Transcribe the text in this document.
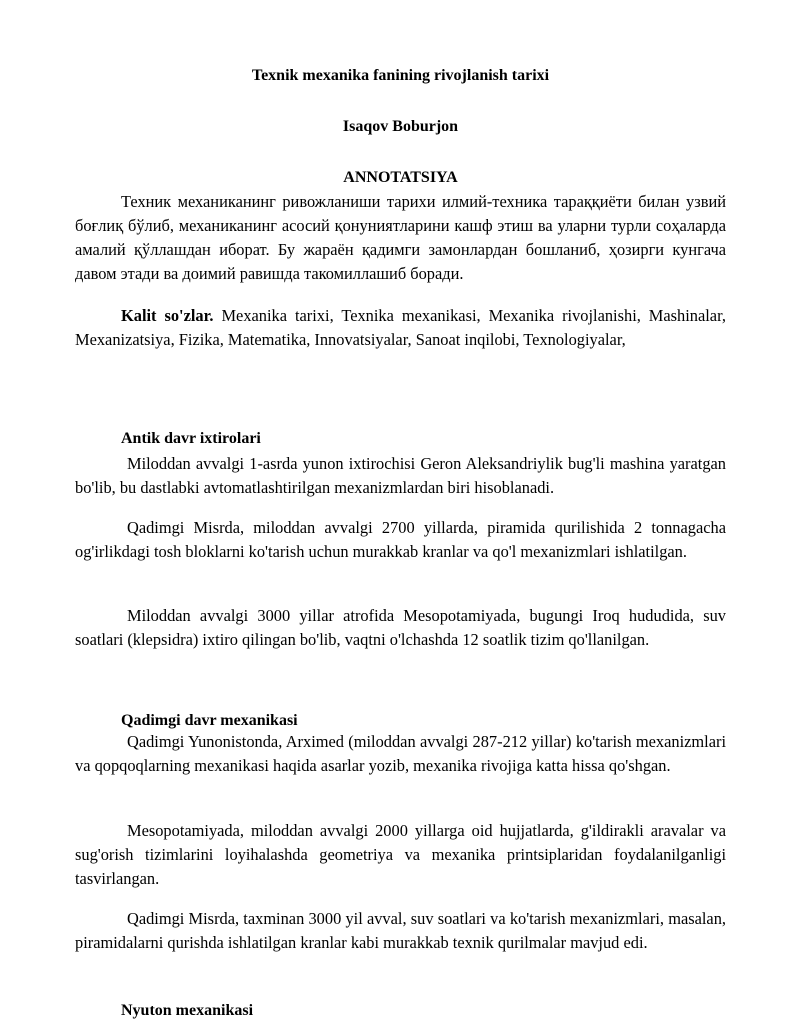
Texnik mexanika fanining rivojlanish tarixi

Isaqov Boburjon

ANNOTATSIYA

Техник механиканинг ривожланиши тарихи илмий-техника тараққиёти билан узвий боғлиқ бўлиб, механиканинг асосий қонуниятларини кашф этиш ва уларни турли соҳаларда амалий қўллашдан иборат. Бу жараён қадимги замонлардан бошланиб, ҳозирги кунгача давом этади ва доимий равишда такомиллашиб боради.

Kalit so'zlar. Mexanika tarixi, Texnika mexanikasi, Mexanika rivojlanishi, Mashinalar, Mexanizatsiya, Fizika, Matematika, Innovatsiyalar, Sanoat inqilobi, Texnologiyalar,

Antik davr ixtirolari

Miloddan avvalgi 1-asrda yunon ixtirochisi Geron Aleksandriylik bug'li mashina yaratgan bo'lib, bu dastlabki avtomatlashtirilgan mexanizmlardan biri hisoblanadi.

Qadimgi Misrda, miloddan avvalgi 2700 yillarda, piramida qurilishida 2 tonnagacha og'irlikdagi tosh bloklarni ko'tarish uchun murakkab kranlar va qo'l mexanizmlari ishlatilgan.

Miloddan avvalgi 3000 yillar atrofida Mesopotamiyada, bugungi Iroq hududida, suv soatlari (klepsidra) ixtiro qilingan bo'lib, vaqtni o'lchashda 12 soatlik tizim qo'llanilgan.

Qadimgi davr mexanikasi

Qadimgi Yunonistonda, Arximed (miloddan avvalgi 287-212 yillar) ko'tarish mexanizmlari va qopqoqlarning mexanikasi haqida asarlar yozib, mexanika rivojiga katta hissa qo'shgan.

Mesopotamiyada, miloddan avvalgi 2000 yillarga oid hujjatlarda, g'ildirakli aravalar va sug'orish tizimlarini loyihalashda geometriya va mexanika printsiplaridan foydalanilganligi tasvirlangan.

Qadimgi Misrda, taxminan 3000 yil avval, suv soatlari va ko'tarish mexanizmlari, masalan, piramidalarni qurishda ishlatilgan kranlar kabi murakkab texnik qurilmalar mavjud edi.

Nyuton mexanikasi
